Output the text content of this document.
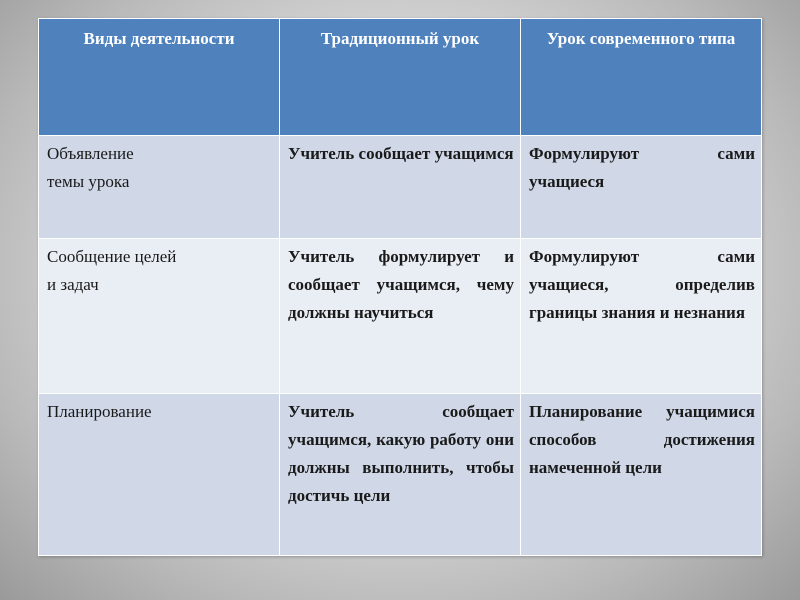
Виды деятельности	Традиционный урок	Урок современного типа

Объявление
темы урока	Учитель сообщает учащимся	Формулируют сами учащиеся

Сообщение целей
и задач	Учитель формулирует и сообщает учащимся, чему должны научиться	Формулируют сами учащиеся, определив границы знания и незнания

Планирование	Учитель сообщает учащимся, какую работу они должны выполнить, чтобы достичь цели	Планирование учащимися способов достижения намеченной цели
